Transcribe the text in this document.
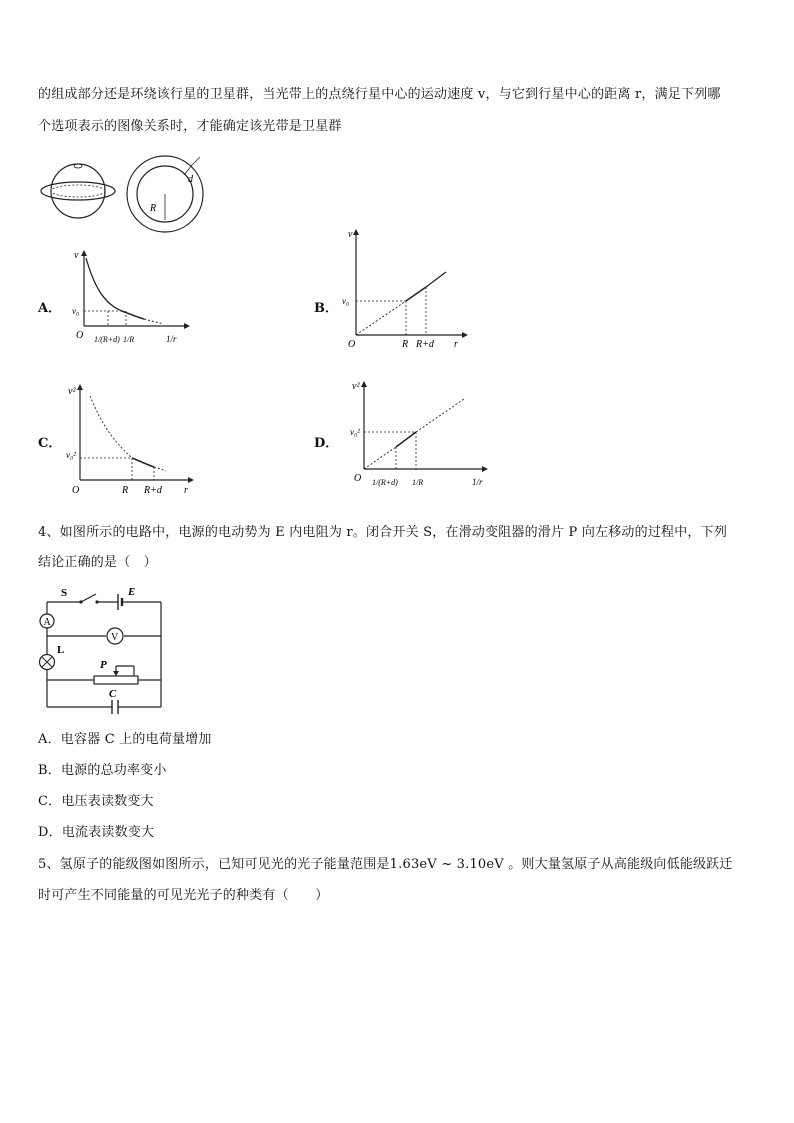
的组成部分还是环绕该行星的卫星群，当光带上的点绕行星中心的运动速度 v，与它到行星中心的距离 r，满足下列哪
个选项表示的图像关系时，才能确定该光带是卫星群
R
d
A．	B．
C．	D．
v
v₀
O 1/(R+d) 1/R	1/r
v
v₀
O	R R+d r
v²
v₀²
O	R R+d r
v²
v₀²
O 1/(R+d) 1/R	1/r
4、如图所示的电路中，电源的电动势为 E 内电阻为 r。闭合开关 S，在滑动变阻器的滑片 P 向左移动的过程中，下列
结论正确的是（　）
A
V
S	E
L
P
C
A．电容器 C 上的电荷量增加
B．电源的总功率变小
C．电压表读数变大
D．电流表读数变大
5、氢原子的能级图如图所示，已知可见光的光子能量范围是1.63eV ~ 3.10eV 。则大量氢原子从高能级向低能级跃迁
时可产生不同能量的可见光光子的种类有（　　）
